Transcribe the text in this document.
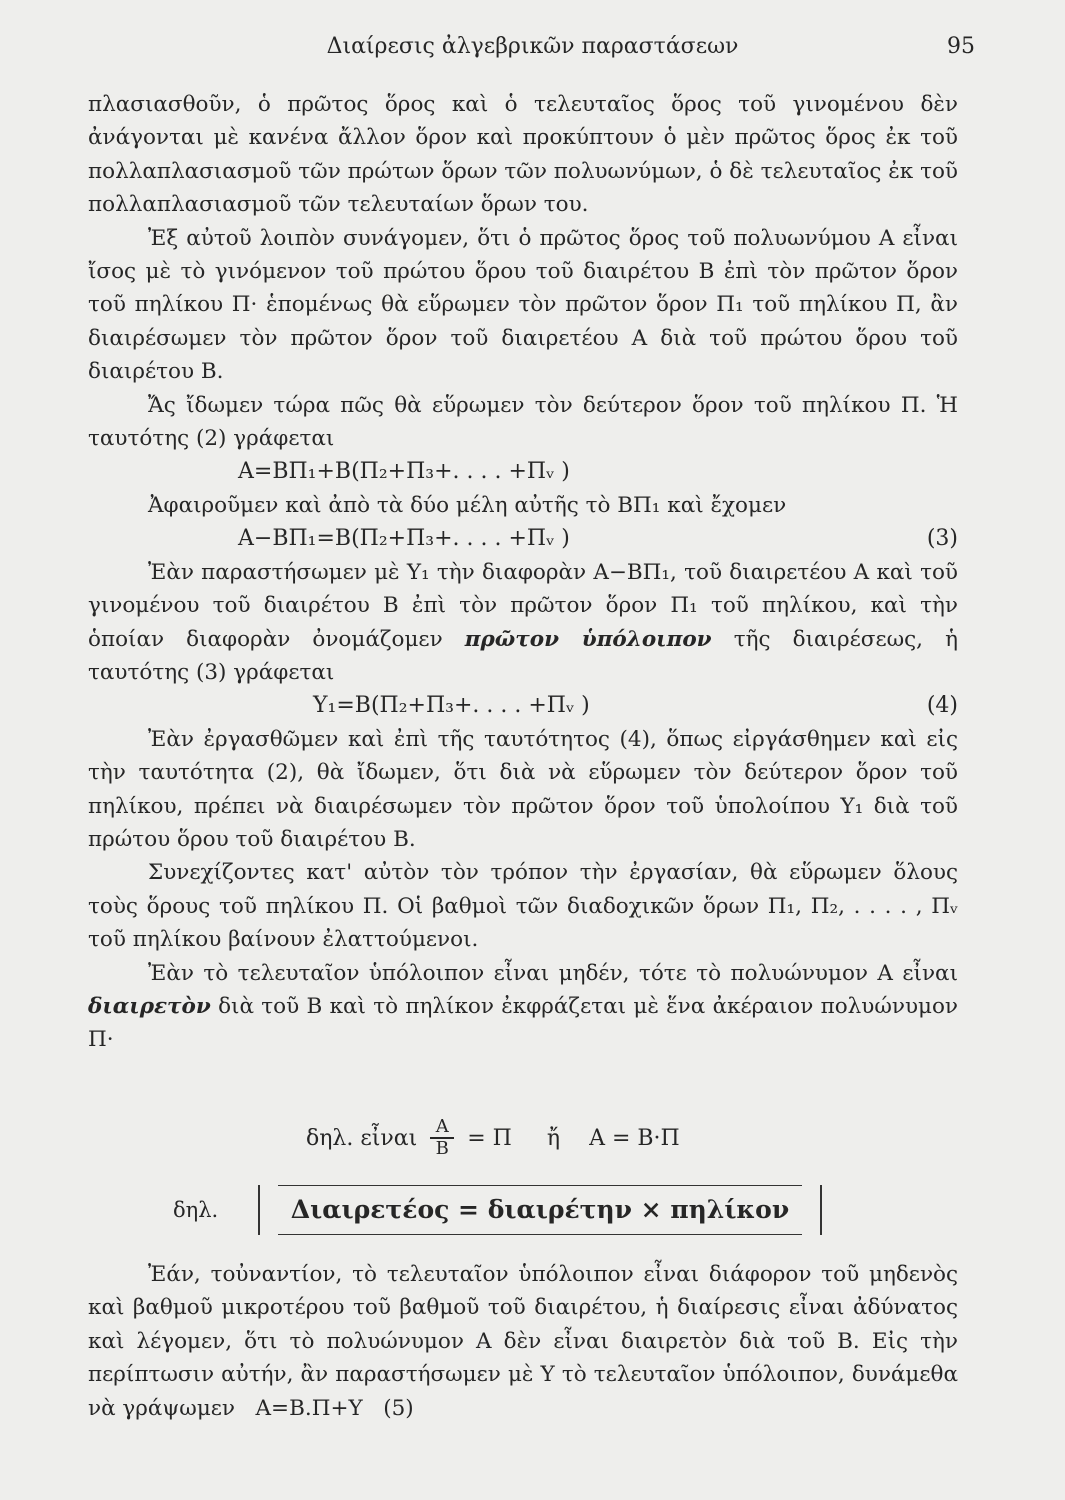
Διαίρεσις ἀλγεβρικῶν παραστάσεων	95
πλασιασθοῦν, ὁ πρῶτος ὅρος καὶ ὁ τελευταῖος ὅρος τοῦ γινομένου δὲν ἀνάγονται μὲ κανένα ἄλλον ὅρον καὶ προκύπτουν ὁ μὲν πρῶτος ὅρος ἐκ τοῦ πολλαπλασιασμοῦ τῶν πρώτων ὅρων τῶν πολυωνύμων, ὁ δὲ τελευταῖος ἐκ τοῦ πολλαπλασιασμοῦ τῶν τελευταίων ὅρων του.
Ἐξ αὐτοῦ λοιπὸν συνάγομεν, ὅτι ὁ πρῶτος ὅρος τοῦ πολυωνύμου Α εἶναι ἴσος μὲ τὸ γινόμενον τοῦ πρώτου ὅρου τοῦ διαιρέτου Β ἐπὶ τὸν πρῶτον ὅρον τοῦ πηλίκου Π· ἑπομένως θὰ εὕρωμεν τὸν πρῶτον ὅρον Π₁ τοῦ πηλίκου Π, ἂν διαιρέσωμεν τὸν πρῶτον ὅρον τοῦ διαιρετέου Α διὰ τοῦ πρώτου ὅρου τοῦ διαιρέτου Β.
Ἄς ἴδωμεν τώρα πῶς θὰ εὕρωμεν τὸν δεύτερον ὅρον τοῦ πηλίκου Π. Ἡ ταυτότης (2) γράφεται
Α=ΒΠ₁+Β(Π₂+Π₃+. . . . +Πᵥ )
Ἀφαιροῦμεν καὶ ἀπὸ τὰ δύο μέλη αὐτῆς τὸ ΒΠ₁ καὶ ἔχομεν
Α−ΒΠ₁=Β(Π₂+Π₃+. . . . +Πᵥ )	(3)
Ἐὰν παραστήσωμεν μὲ Υ₁ τὴν διαφορὰν Α−ΒΠ₁, τοῦ διαιρετέου Α καὶ τοῦ γινομένου τοῦ διαιρέτου Β ἐπὶ τὸν πρῶτον ὅρον Π₁ τοῦ πηλίκου, καὶ τὴν ὁποίαν διαφορὰν ὀνομάζομεν πρῶτον ὑπόλοιπον τῆς διαιρέσεως, ἡ ταυτότης (3) γράφεται
Υ₁=Β(Π₂+Π₃+. . . . +Πᵥ )	(4)
Ἐὰν ἐργασθῶμεν καὶ ἐπὶ τῆς ταυτότητος (4), ὅπως εἰργάσθημεν καὶ εἰς τὴν ταυτότητα (2), θὰ ἴδωμεν, ὅτι διὰ νὰ εὕρωμεν τὸν δεύτερον ὅρον τοῦ πηλίκου, πρέπει νὰ διαιρέσωμεν τὸν πρῶτον ὅρον τοῦ ὑπολοίπου Υ₁ διὰ τοῦ πρώτου ὅρου τοῦ διαιρέτου Β.
Συνεχίζοντες κατ' αὐτὸν τὸν τρόπον τὴν ἐργασίαν, θὰ εὕρωμεν ὅλους τοὺς ὅρους τοῦ πηλίκου Π. Οἱ βαθμοὶ τῶν διαδοχικῶν ὅρων Π₁, Π₂, . . . . , Πᵥ τοῦ πηλίκου βαίνουν ἐλαττούμενοι.
Ἐὰν τὸ τελευταῖον ὑπόλοιπον εἶναι μηδέν, τότε τὸ πολυώνυμον Α εἶναι διαιρετὸν διὰ τοῦ Β καὶ τὸ πηλίκον ἐκφράζεται μὲ ἕνα ἀκέραιον πολυώνυμον Π·
δηλ. εἶναι $\frac{A}{B} = \Pi$ ἤ Α = Β·Π
δηλ.	Διαιρετέος = διαιρέτην × πηλίκον
Ἐάν, τοὐναντίον, τὸ τελευταῖον ὑπόλοιπον εἶναι διάφορον τοῦ μηδενὸς καὶ βαθμοῦ μικροτέρου τοῦ βαθμοῦ τοῦ διαιρέτου, ἡ διαίρεσις εἶναι ἀδύνατος καὶ λέγομεν, ὅτι τὸ πολυώνυμον Α δὲν εἶναι διαιρετὸν διὰ τοῦ Β. Εἰς τὴν περίπτωσιν αὐτήν, ἂν παραστήσωμεν μὲ Υ τὸ τελευταῖον ὑπόλοιπον, δυνάμεθα νὰ γράψωμεν Α=Β.Π+Υ (5)
